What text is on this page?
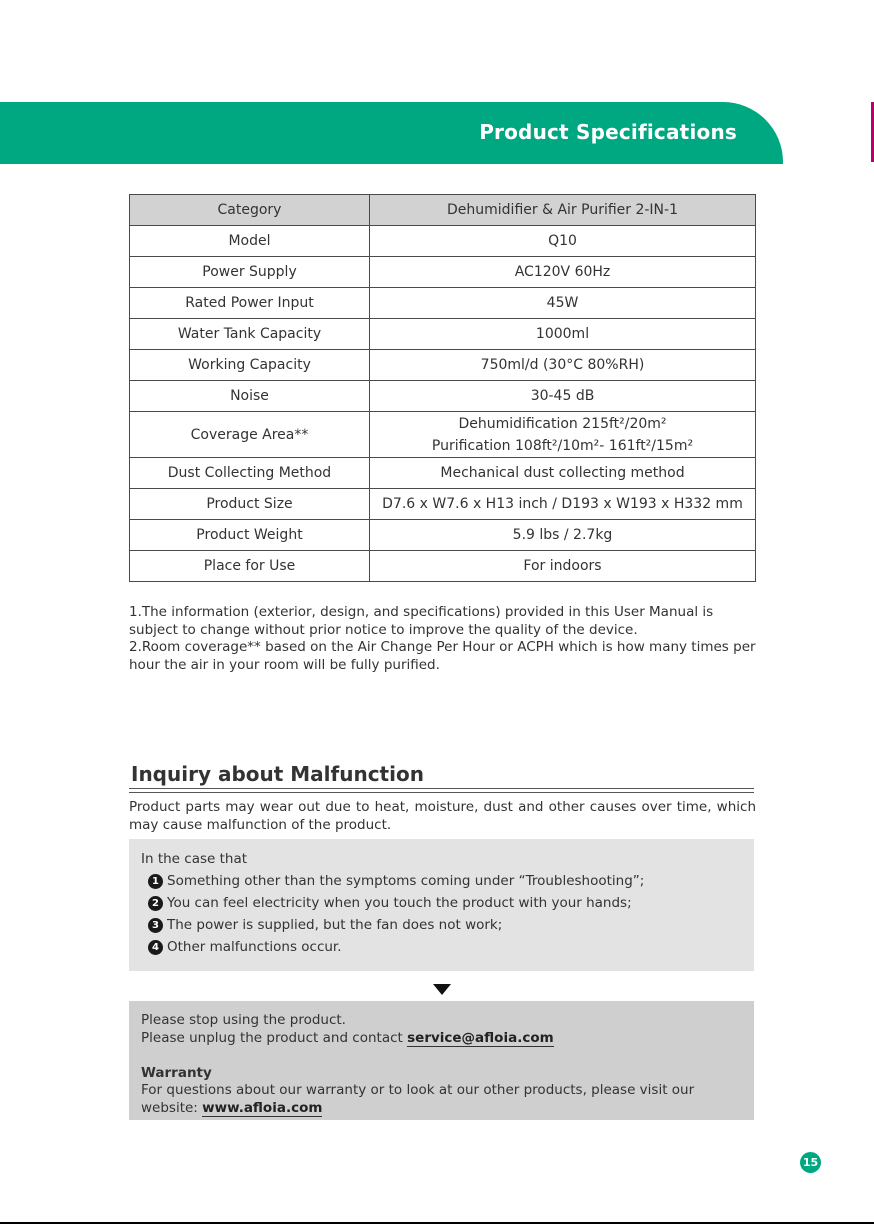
Product Specifications
Category	Dehumidifier & Air Purifier 2-IN-1
Model	Q10
Power Supply	AC120V 60Hz
Rated Power Input	45W
Water Tank Capacity	1000ml
Working Capacity	750ml/d (30°C 80%RH)
Noise	30-45 dB
Coverage Area**	Dehumidification 215ft²/20m²
Purification 108ft²/10m²- 161ft²/15m²

Dust Collecting Method	Mechanical dust collecting method
Product Size	D7.6 x W7.6 x H13 inch / D193 x W193 x H332 mm
Product Weight	5.9 lbs / 2.7kg
Place for Use	For indoors

1.The information (exterior, design, and specifications) provided in this User Manual is subject to change without prior notice to improve the quality of the device.

2.Room coverage** based on the Air Change Per Hour or ACPH which is how many times per hour the air in your room will be fully purified.

Inquiry about Malfunction

Product parts may wear out due to heat, moisture, dust and other causes over time, which may cause malfunction of the product.

In the case that
1 Something other than the symptoms coming under “Troubleshooting”;
2 You can feel electricity when you touch the product with your hands;
3 The power is supplied, but the fan does not work;
4 Other malfunctions occur.

Please stop using the product.

Please unplug the product and contact service@afloia.com

Warranty

For questions about our warranty or to look at our other products, please visit our website: www.afloia.com

15
